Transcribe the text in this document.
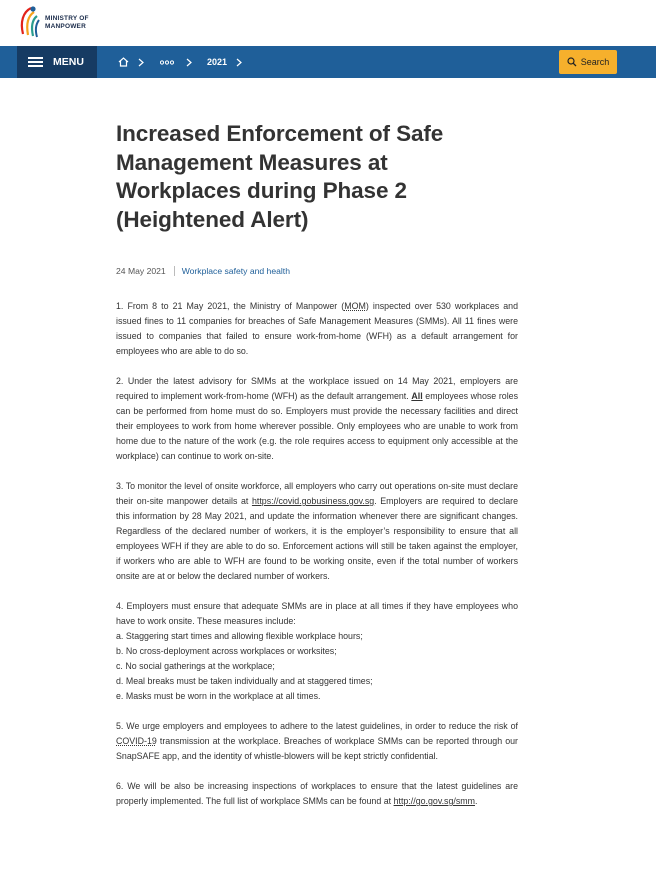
MINISTRY OF
MANPOWER
MENU	2021	Search
Increased Enforcement of Safe Management Measures at Workplaces during Phase 2 (Heightened Alert)
24 May 2021	Workplace safety and health

1. From 8 to 21 May 2021, the Ministry of Manpower (MOM) inspected over 530 workplaces and issued fines to 11 companies for breaches of Safe Management Measures (SMMs). All 11 fines were issued to companies that failed to ensure work-from-home (WFH) as a default arrangement for employees who are able to do so.

2. Under the latest advisory for SMMs at the workplace issued on 14 May 2021, employers are required to implement work-from-home (WFH) as the default arrangement. All employees whose roles can be performed from home must do so. Employers must provide the necessary facilities and direct their employees to work from home wherever possible. Only employees who are unable to work from home due to the nature of the work (e.g. the role requires access to equipment only accessible at the workplace) can continue to work on-site.

3. To monitor the level of onsite workforce, all employers who carry out operations on-site must declare their on-site manpower details at https://covid.gobusiness.gov.sg. Employers are required to declare this information by 28 May 2021, and update the information whenever there are significant changes. Regardless of the declared number of workers, it is the employer’s responsibility to ensure that all employees WFH if they are able to do so. Enforcement actions will still be taken against the employer, if workers who are able to WFH are found to be working onsite, even if the total number of workers onsite are at or below the declared number of workers.

4. Employers must ensure that adequate SMMs are in place at all times if they have employees who have to work onsite. These measures include:
a. Staggering start times and allowing flexible workplace hours;
b. No cross-deployment across workplaces or worksites;
c. No social gatherings at the workplace;
d. Meal breaks must be taken individually and at staggered times;
e. Masks must be worn in the workplace at all times.

5. We urge employers and employees to adhere to the latest guidelines, in order to reduce the risk of COVID-19 transmission at the workplace. Breaches of workplace SMMs can be reported through our SnapSAFE app, and the identity of whistle-blowers will be kept strictly confidential.

6. We will be also be increasing inspections of workplaces to ensure that the latest guidelines are properly implemented. The full list of workplace SMMs can be found at http://go.gov.sg/smm.
